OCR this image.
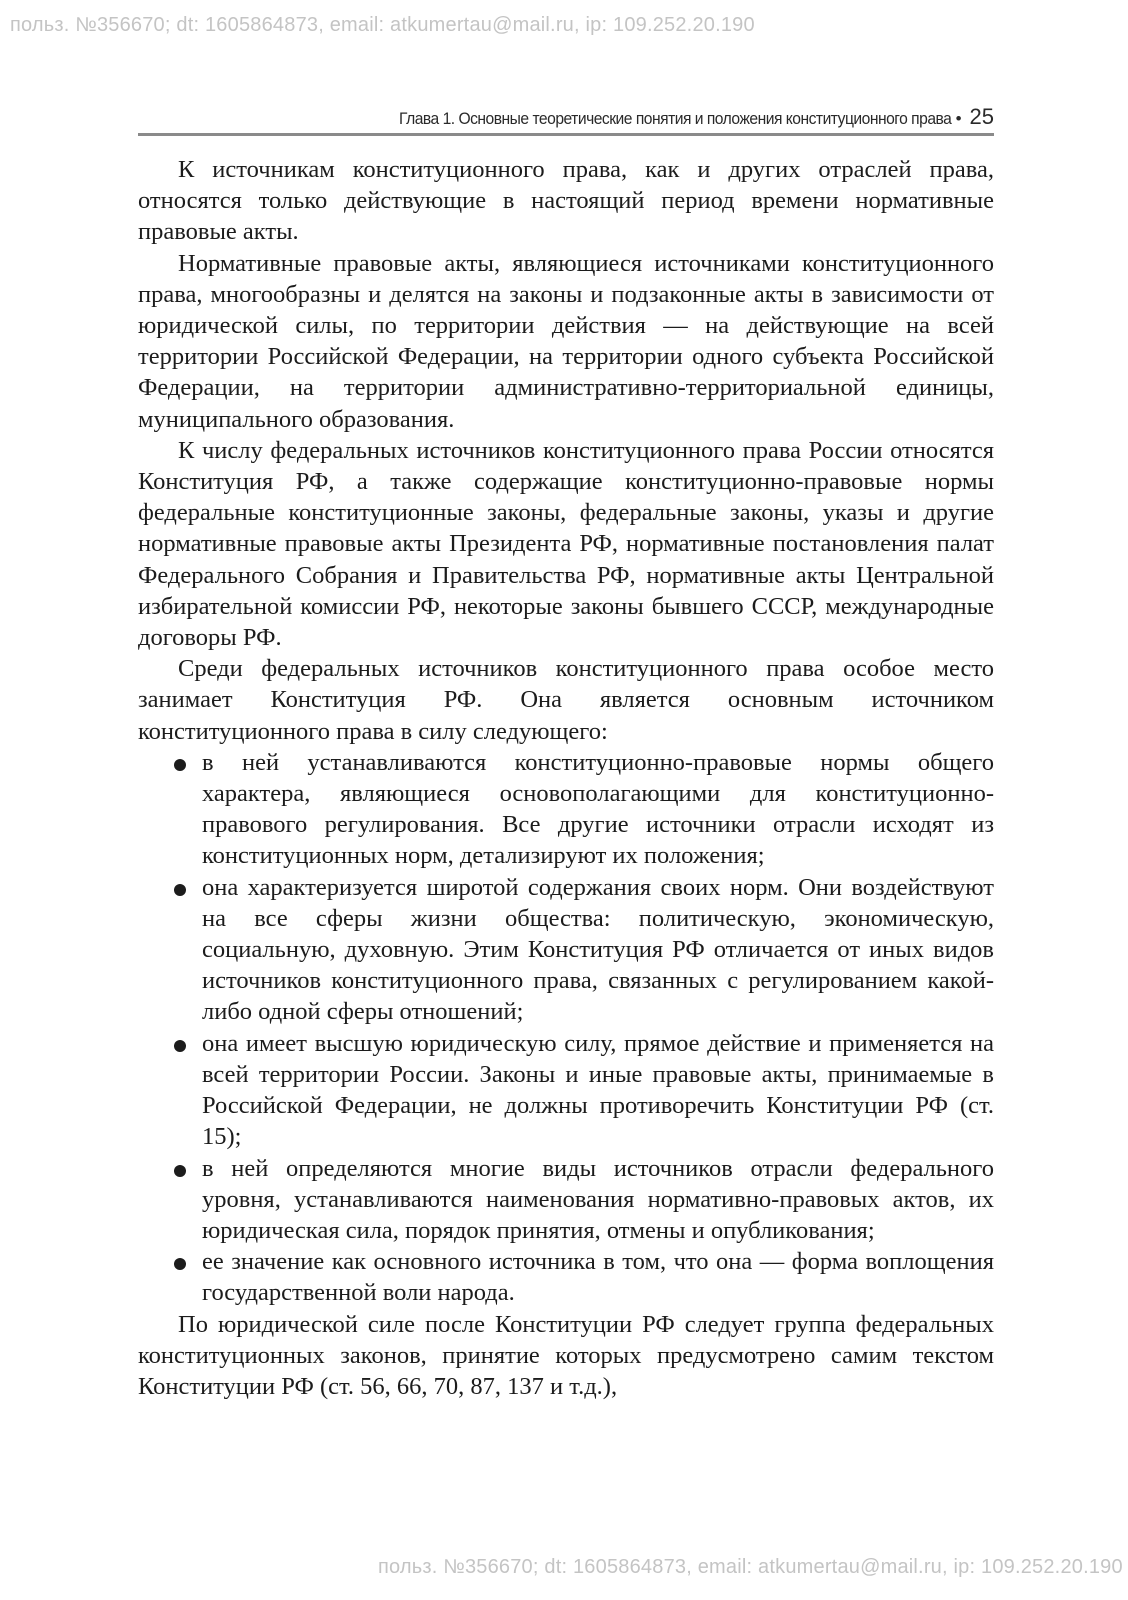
польз. №356670; dt: 1605864873, email: atkumertau@mail.ru, ip: 109.252.20.190
Глава 1. Основные теоретические понятия и положения конституционного права • 25

К источникам конституционного права, как и других отраслей права, относятся только действующие в настоящий период времени нормативные правовые акты.

Нормативные правовые акты, являющиеся источниками конституционного права, многообразны и делятся на законы и подзаконные акты в зависимости от юридической силы, по территории действия — на действующие на всей территории Российской Федерации, на территории одного субъекта Российской Федерации, на территории административно-территориальной единицы, муниципального образования.

К числу федеральных источников конституционного права России относятся Конституция РФ, а также содержащие конституционно-правовые нормы федеральные конституционные законы, федеральные законы, указы и другие нормативные правовые акты Президента РФ, нормативные постановления палат Федерального Собрания и Правительства РФ, нормативные акты Центральной избирательной комиссии РФ, некоторые законы бывшего СССР, международные договоры РФ.

Среди федеральных источников конституционного права особое место занимает Конституция РФ. Она является основным источником конституционного права в силу следующего:

в ней устанавливаются конституционно-правовые нормы общего характера, являющиеся основополагающими для конституционно-правового регулирования. Все другие источники отрасли исходят из конституционных норм, детализируют их положения;
она характеризуется широтой содержания своих норм. Они воздействуют на все сферы жизни общества: политическую, экономическую, социальную, духовную. Этим Конституция РФ отличается от иных видов источников конституционного права, связанных с регулированием какой-либо одной сферы отношений;
она имеет высшую юридическую силу, прямое действие и применяется на всей территории России. Законы и иные правовые акты, принимаемые в Российской Федерации, не должны противоречить Конституции РФ (ст. 15);
в ней определяются многие виды источников отрасли федерального уровня, устанавливаются наименования нормативно-правовых актов, их юридическая сила, порядок принятия, отмены и опубликования;
ее значение как основного источника в том, что она — форма воплощения государственной воли народа.

По юридической силе после Конституции РФ следует группа федеральных конституционных законов, принятие которых предусмотрено самим текстом Конституции РФ (ст. 56, 66, 70, 87, 137 и т.д.),

польз. №356670; dt: 1605864873, email: atkumertau@mail.ru, ip: 109.252.20.190
